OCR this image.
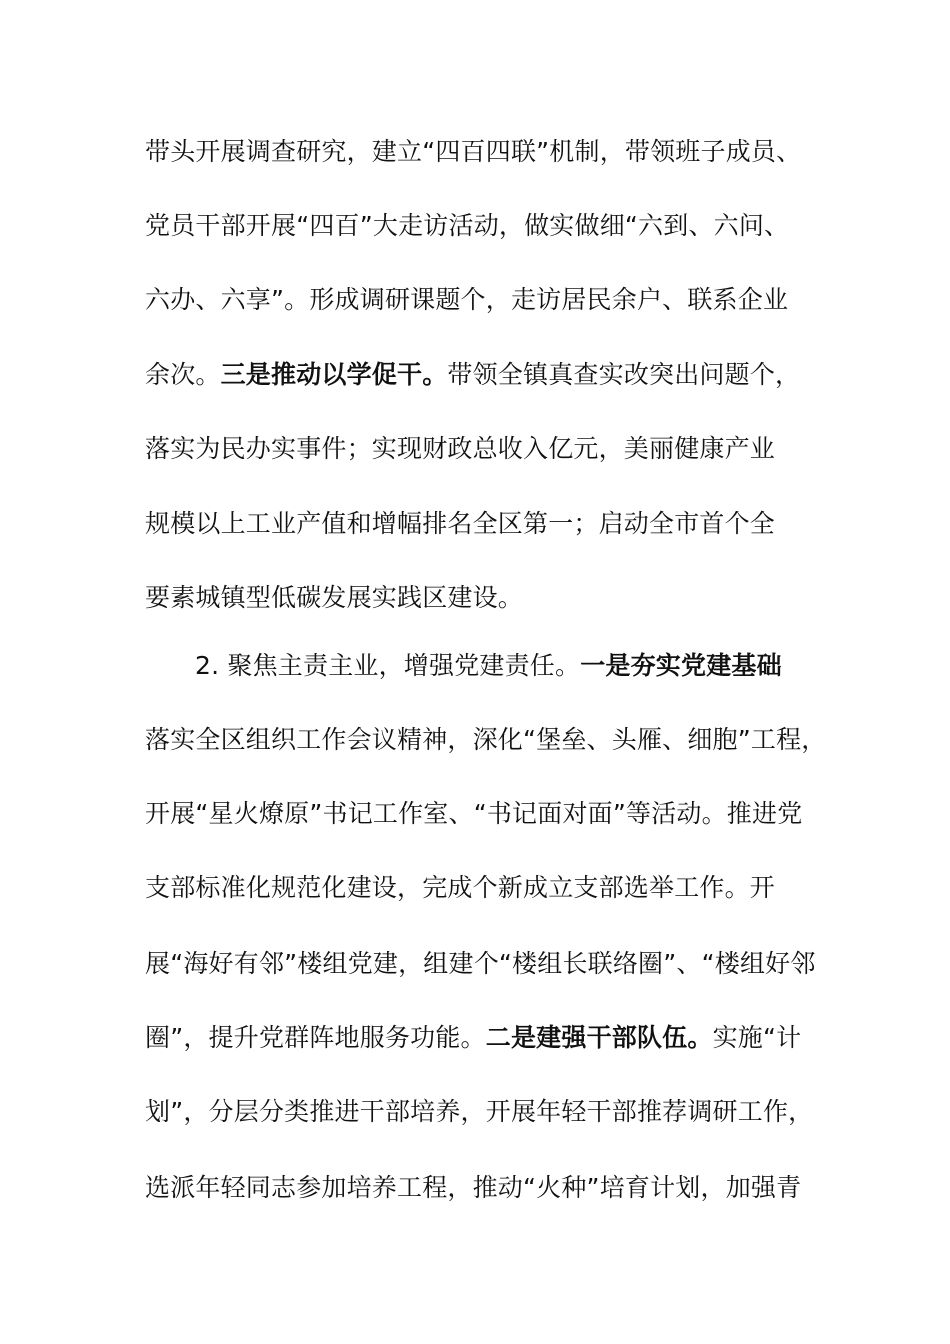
带头开展调查研究，建立“四百四联”机制，带领班子成员、
党员干部开展“四百”大走访活动，做实做细“六到、六问、
六办、六享”。形成调研课题个，走访居民余户、联系企业
余次。三是推动以学促干。带领全镇真查实改突出问题个，
落实为民办实事件；实现财政总收入亿元，美丽健康产业
规模以上工业产值和增幅排名全区第一；启动全市首个全
要素城镇型低碳发展实践区建设。
2. 聚焦主责主业，增强党建责任。一是夯实党建基础
落实全区组织工作会议精神，深化“堡垒、头雁、细胞”工程，
开展“星火燎原”书记工作室、“书记面对面”等活动。推进党
支部标准化规范化建设，完成个新成立支部选举工作。开
展“海好有邻”楼组党建，组建个“楼组长联络圈”、“楼组好邻
圈”，提升党群阵地服务功能。二是建强干部队伍。实施“计
划”，分层分类推进干部培养，开展年轻干部推荐调研工作，
选派年轻同志参加培养工程，推动“火种”培育计划，加强青
